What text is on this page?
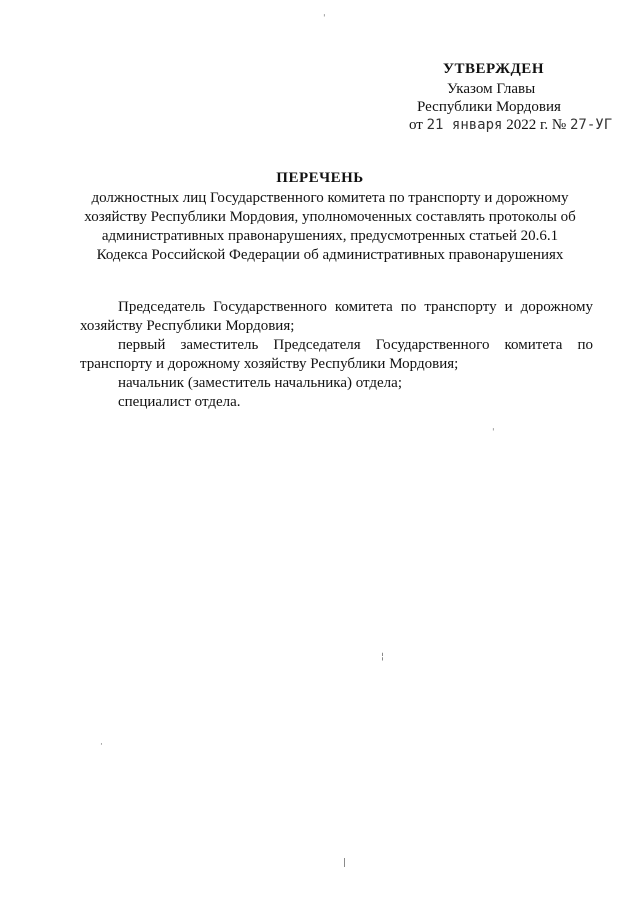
УТВЕРЖДЕН
Указом Главы
Республики Мордовия
от 21 января 2022 г. № 27-УГ
ПЕРЕЧЕНЬ
должностных лиц Государственного комитета по транспорту и дорожному
хозяйству Республики Мордовия, уполномоченных составлять протоколы об
административных правонарушениях, предусмотренных статьей 20.6.1
Кодекса Российской Федерации об административных правонарушениях
Председатель Государственного комитета по транспорту и дорожному
хозяйству Республики Мордовия;
первый заместитель Председателя Государственного комитета по
транспорту и дорожному хозяйству Республики Мордовия;
начальник (заместитель начальника) отдела;
специалист отдела.
ˈ
ˈ
¦
·
|
